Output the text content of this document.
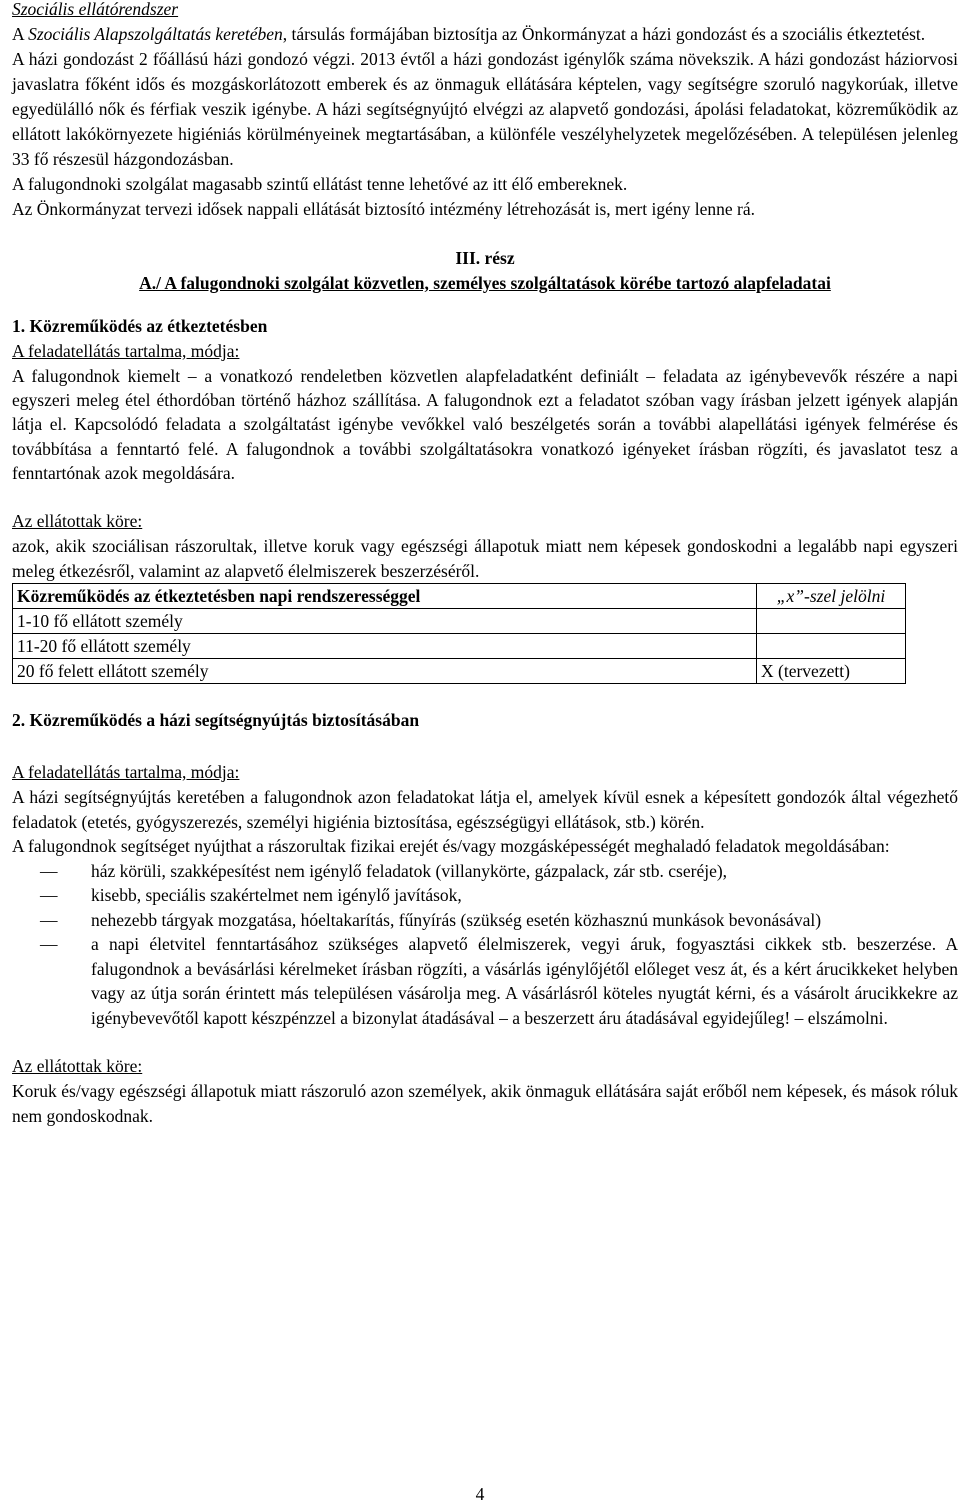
Szociális ellátórendszer

A Szociális Alapszolgáltatás keretében, társulás formájában biztosítja az Önkormányzat a házi gondozást és a szociális étkeztetést.

A házi gondozást 2 főállású házi gondozó végzi. 2013 évtől a házi gondozást igénylők száma növekszik. A házi gondozást háziorvosi javaslatra főként idős és mozgáskorlátozott emberek és az önmaguk ellátására képtelen, vagy segítségre szoruló nagykorúak, illetve egyedülálló nők és férfiak veszik igénybe. A házi segítségnyújtó elvégzi az alapvető gondozási, ápolási feladatokat, közreműködik az ellátott lakókörnyezete higiéniás körülményeinek megtartásában, a különféle veszélyhelyzetek megelőzésében. A településen jelenleg 33 fő részesül házgondozásban.

A falugondnoki szolgálat magasabb szintű ellátást tenne lehetővé az itt élő embereknek.

Az Önkormányzat tervezi idősek nappali ellátását biztosító intézmény létrehozását is, mert igény lenne rá.

III. rész

A./ A falugondnoki szolgálat közvetlen, személyes szolgáltatások körébe tartozó alapfeladatai

1. Közreműködés az étkeztetésben

A feladatellátás tartalma, módja:

A falugondnok kiemelt – a vonatkozó rendeletben közvetlen alapfeladatként definiált – feladata az igénybevevők részére a napi egyszeri meleg étel éthordóban történő házhoz szállítása. A falugondnok ezt a feladatot szóban vagy írásban jelzett igények alapján látja el. Kapcsolódó feladata a szolgáltatást igénybe vevőkkel való beszélgetés során a további alapellátási igények felmérése és továbbítása a fenntartó felé. A falugondnok a további szolgáltatásokra vonatkozó igényeket írásban rögzíti, és javaslatot tesz a fenntartónak azok megoldására.

Az ellátottak köre:

azok, akik szociálisan rászorultak, illetve koruk vagy egészségi állapotuk miatt nem képesek gondoskodni a legalább napi egyszeri meleg étkezésről, valamint az alapvető élelmiszerek beszerzéséről.

Közreműködés az étkeztetésben napi rendszerességgel	„x”-szel jelölni
1-10 fő ellátott személy	
11-20 fő ellátott személy	
20 fő felett ellátott személy	X (tervezett)

2. Közreműködés a házi segítségnyújtás biztosításában

A feladatellátás tartalma, módja:

A házi segítségnyújtás keretében a falugondnok azon feladatokat látja el, amelyek kívül esnek a képesített gondozók által végezhető feladatok (etetés, gyógyszerezés, személyi higiénia biztosítása, egészségügyi ellátások, stb.) körén.

A falugondnok segítséget nyújthat a rászorultak fizikai erejét és/vagy mozgásképességét meghaladó feladatok megoldásában:

— ház körüli, szakképesítést nem igénylő feladatok (villanykörte, gázpalack, zár stb. cseréje),
— kisebb, speciális szakértelmet nem igénylő javítások,
— nehezebb tárgyak mozgatása, hóeltakarítás, fűnyírás (szükség esetén közhasznú munkások bevonásával)
— a napi életvitel fenntartásához szükséges alapvető élelmiszerek, vegyi áruk, fogyasztási cikkek stb. beszerzése. A falugondnok a bevásárlási kérelmeket írásban rögzíti, a vásárlás igénylőjétől előleget vesz át, és a kért árucikkeket helyben vagy az útja során érintett más településen vásárolja meg. A vásárlásról köteles nyugtát kérni, és a vásárolt árucikkekre az igénybevevőtől kapott készpénzzel a bizonylat átadásával – a beszerzett áru átadásával egyidejűleg! – elszámolni.

Az ellátottak köre:

Koruk és/vagy egészségi állapotuk miatt rászoruló azon személyek, akik önmaguk ellátására saját erőből nem képesek, és mások róluk nem gondoskodnak.

4
